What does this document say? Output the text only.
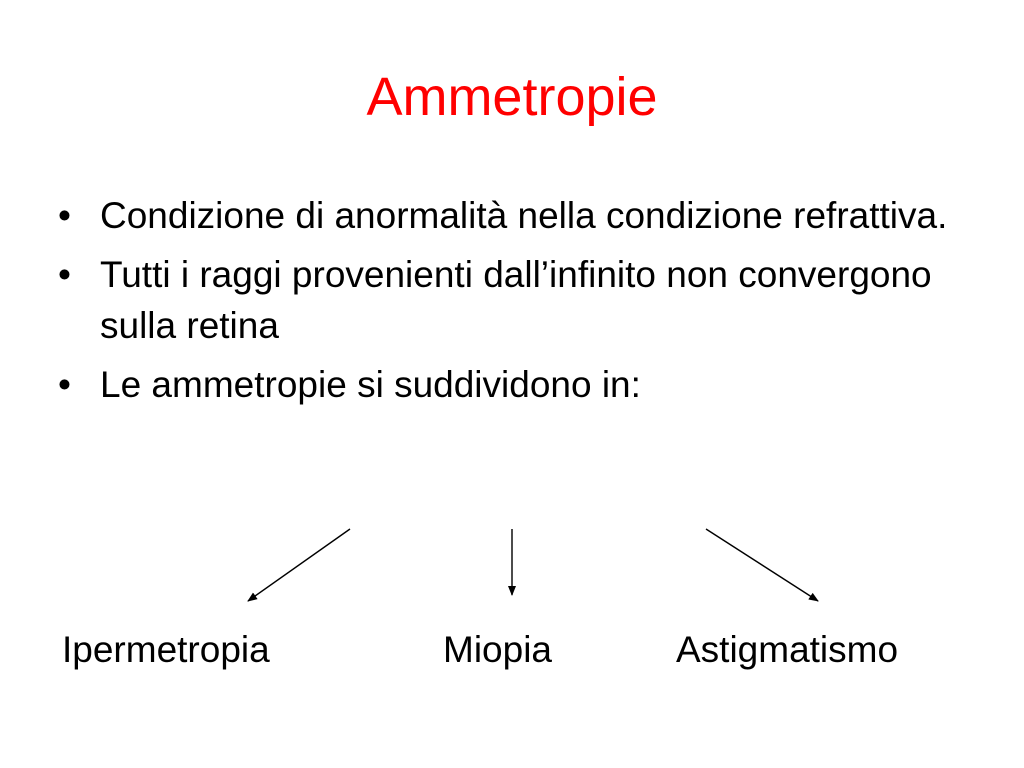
Ammetropie
• Condizione di anormalità nella condizione refrattiva.
• Tutti i raggi provenienti dall’infinito non convergono sulla retina
• Le ammetropie si suddividono in:
Ipermetropia	Miopia	Astigmatismo
